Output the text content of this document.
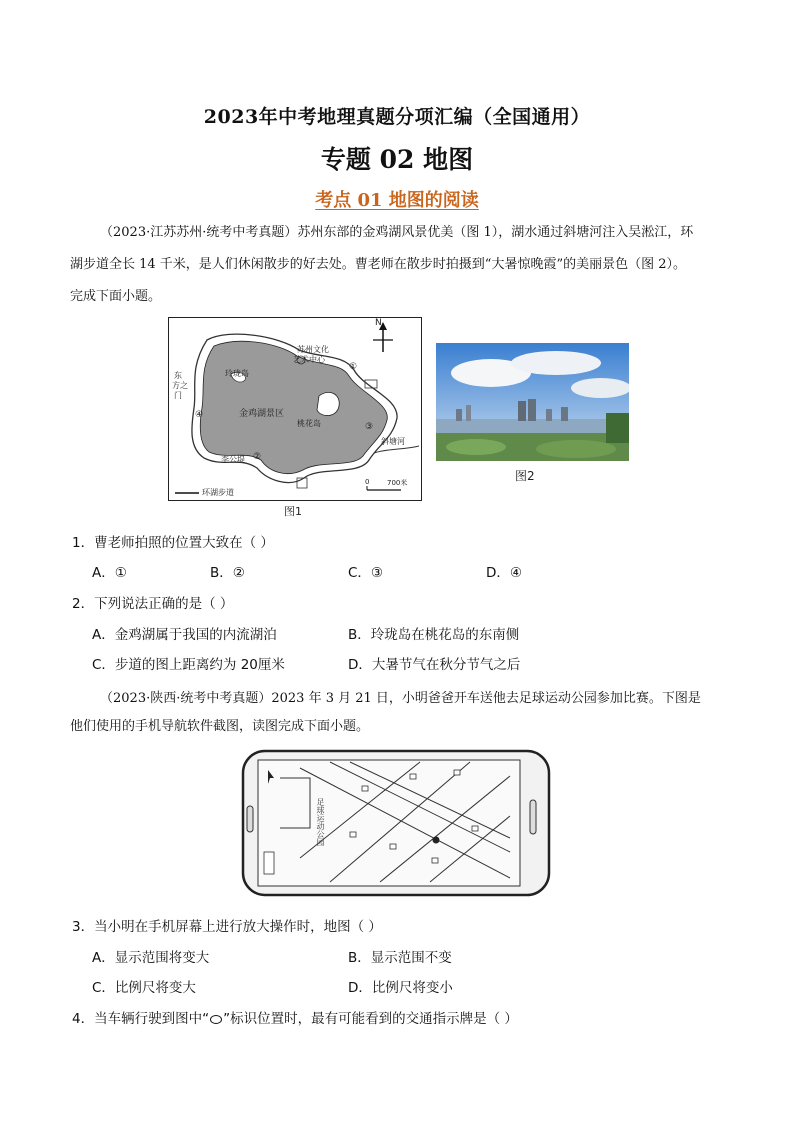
2023年中考地理真题分项汇编（全国通用）
专题 02 地图
考点 01 地图的阅读
（2023·江苏苏州·统考中考真题）苏州东部的金鸡湖风景优美（图 1），湖水通过斜塘河注入吴淞江，环
湖步道全长 14 千米，是人们休闲散步的好去处。曹老师在散步时拍摄到“大暑惊晚霞”的美丽景色（图 2）。
完成下面小题。
N
苏州文化
艺术中心
玲珑岛
东
方之
门
金鸡湖景区
桃花岛
李公堤
斜塘河
0	700米
环湖步道
①
②
③
④
图1
图2
1．曹老师拍照的位置大致在（ ）
A．①	B．②	C．③	D．④
2．下列说法正确的是（ ）
A．金鸡湖属于我国的内流湖泊	B．玲珑岛在桃花岛的东南侧
C．步道的图上距离约为 20厘米	D．大暑节气在秋分节气之后
（2023·陕西·统考中考真题）2023 年 3 月 21 日，小明爸爸开车送他去足球运动公园参加比赛。下图是
他们使用的手机导航软件截图，读图完成下面小题。
足球运动公园
3．当小明在手机屏幕上进行放大操作时，地图（ ）
A．显示范围将变大	B．显示范围不变
C．比例尺将变大	D．比例尺将变小
4．当车辆行驶到图中“ ”标识位置时，最有可能看到的交通指示牌是（ ）
